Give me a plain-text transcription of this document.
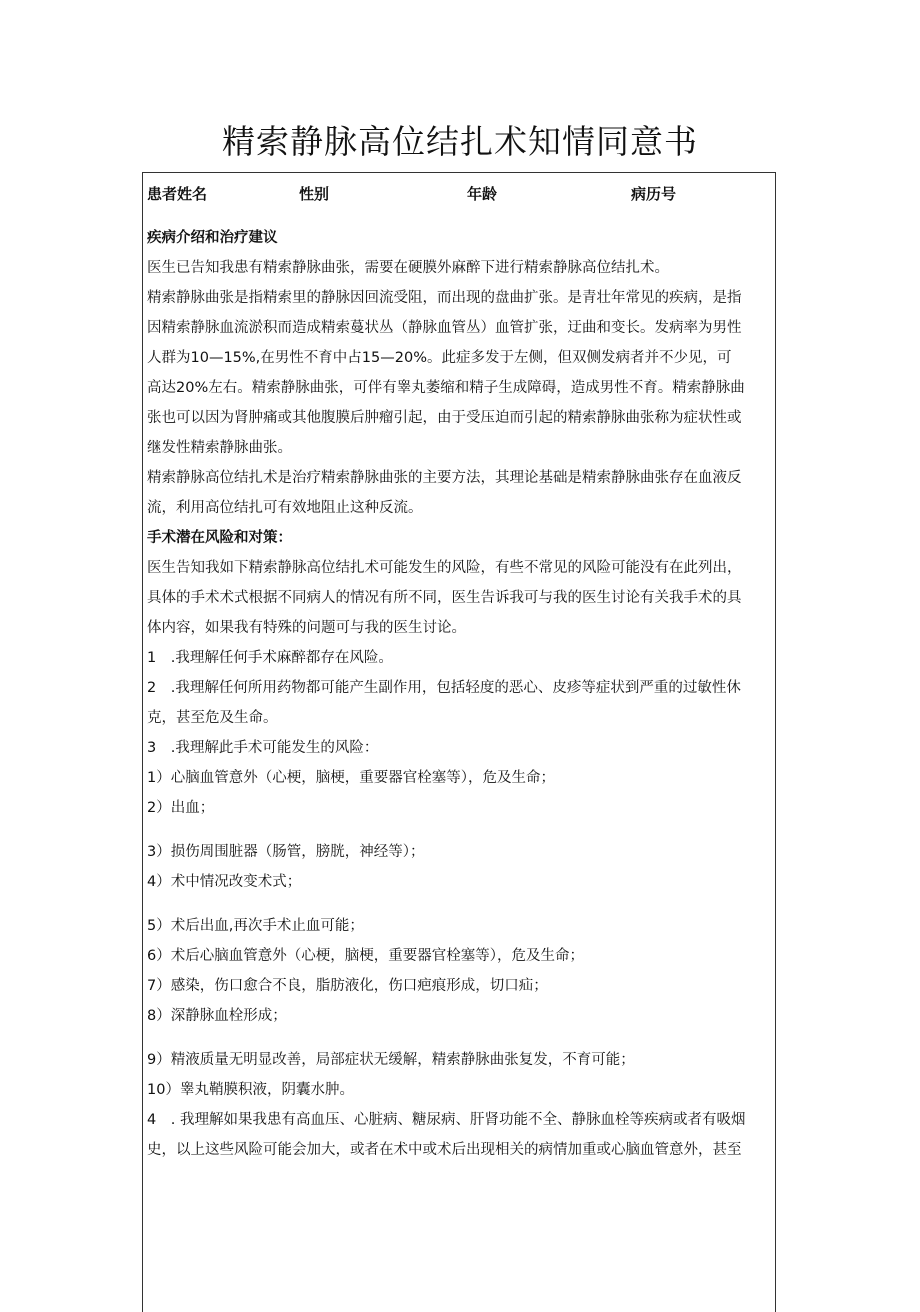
精索静脉高位结扎术知情同意书
患者姓名	性别	年龄	病历号
疾病介绍和治疗建议
医生已告知我患有精索静脉曲张，需要在硬膜外麻醉下进行精索静脉高位结扎术。
精索静脉曲张是指精索里的静脉因回流受阻，而出现的盘曲扩张。是青壮年常见的疾病，是指
因精索静脉血流淤积而造成精索蔓状丛（静脉血管丛）血管扩张，迂曲和变长。发病率为男性
人群为10—15%,在男性不育中占15—20%。此症多发于左侧，但双侧发病者并不少见，可
高达20%左右。精索静脉曲张，可伴有睾丸萎缩和精子生成障碍，造成男性不育。精索静脉曲
张也可以因为肾肿痛或其他腹膜后肿瘤引起，由于受压迫而引起的精索静脉曲张称为症状性或
继发性精索静脉曲张。
精索静脉高位结扎术是治疗精索静脉曲张的主要方法，其理论基础是精索静脉曲张存在血液反
流，利用高位结扎可有效地阻止这种反流。
手术潜在风险和对策：
医生告知我如下精索静脉高位结扎术可能发生的风险，有些不常见的风险可能没有在此列出，
具体的手术术式根据不同病人的情况有所不同，医生告诉我可与我的医生讨论有关我手术的具
体内容，如果我有特殊的问题可与我的医生讨论。
1　.我理解任何手术麻醉都存在风险。
2　.我理解任何所用药物都可能产生副作用，包括轻度的恶心、皮疹等症状到严重的过敏性休
克，甚至危及生命。
3　.我理解此手术可能发生的风险：
1）心脑血管意外（心梗，脑梗，重要器官栓塞等），危及生命；
2）出血；
3）损伤周围脏器（肠管，膀胱，神经等）；
4）术中情况改变术式；
5）术后出血,再次手术止血可能；
6）术后心脑血管意外（心梗，脑梗，重要器官栓塞等），危及生命；
7）感染，伤口愈合不良，脂肪液化，伤口疤痕形成，切口疝；
8）深静脉血栓形成；
9）精液质量无明显改善，局部症状无缓解，精索静脉曲张复发，不育可能；
10）睾丸鞘膜积液，阴囊水肿。
4　. 我理解如果我患有高血压、心脏病、糖尿病、肝肾功能不全、静脉血栓等疾病或者有吸烟
史，以上这些风险可能会加大，或者在术中或术后出现相关的病情加重或心脑血管意外，甚至
